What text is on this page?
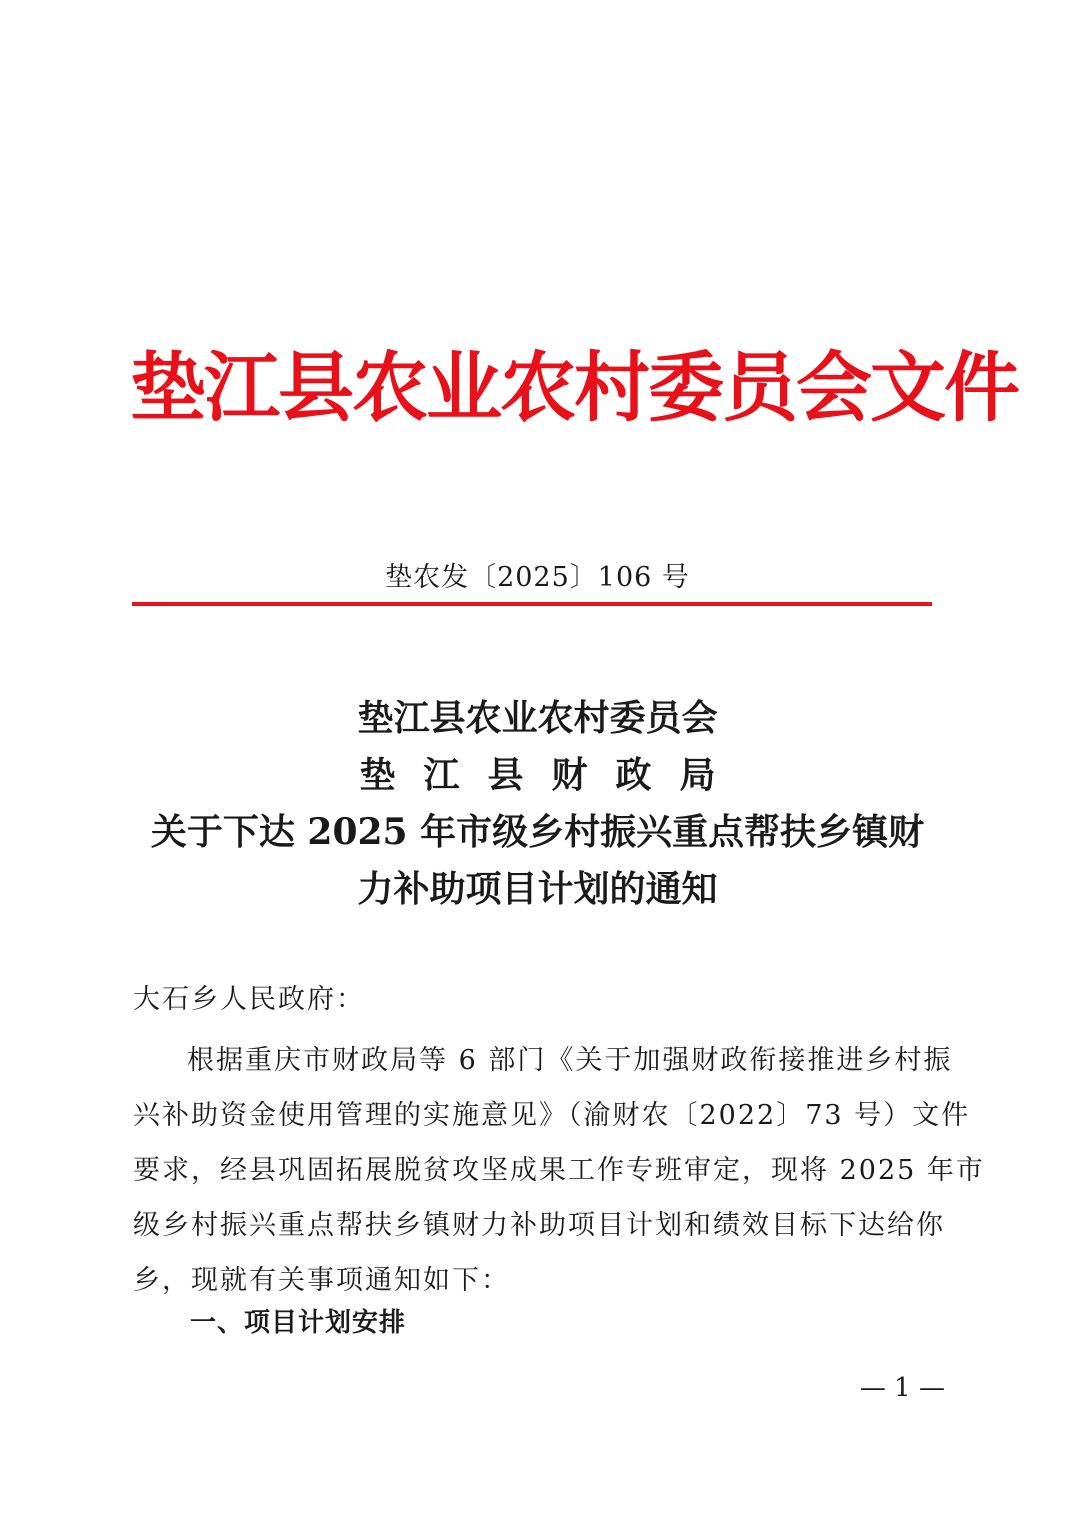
垫江县农业农村委员会文件
垫农发〔2025〕106 号
垫江县农业农村委员会
垫江县财政局
关于下达 2025 年市级乡村振兴重点帮扶乡镇财
力补助项目计划的通知
大石乡人民政府：
根据重庆市财政局等 6 部门《关于加强财政衔接推进乡村振
兴补助资金使用管理的实施意见》（渝财农〔2022〕73 号）文件
要求，经县巩固拓展脱贫攻坚成果工作专班审定，现将 2025 年市
级乡村振兴重点帮扶乡镇财力补助项目计划和绩效目标下达给你
乡，现就有关事项通知如下：
一、项目计划安排
— 1 —
